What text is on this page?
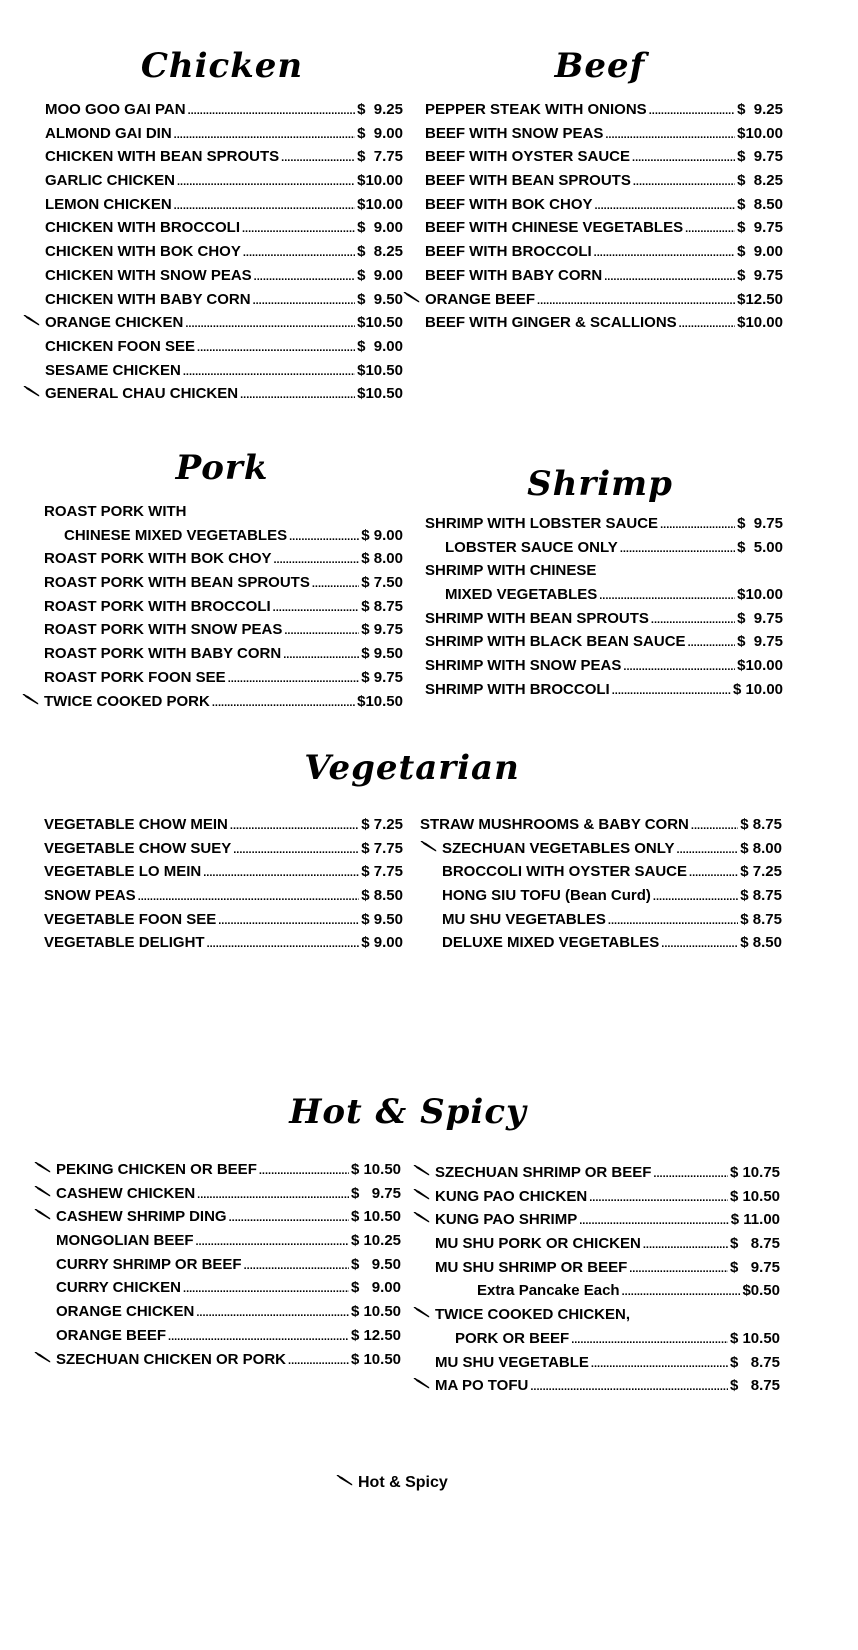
Chicken	Beef
Pork	Shrimp
Vegetarian
Hot & Spicy
MOO GOO GAI PAN .....	$  9.25
ALMOND GAI DIN .....	$  9.00
CHICKEN WITH BEAN SPROUTS .....	$  7.75
GARLIC CHICKEN .....	$10.00
LEMON CHICKEN .....	$10.00
CHICKEN WITH BROCCOLI .....	$  9.00
CHICKEN WITH BOK CHOY .....	$  8.25
CHICKEN WITH SNOW PEAS .....	$  9.00
CHICKEN WITH BABY CORN .....	$  9.50
ORANGE CHICKEN .....	$10.50
CHICKEN FOON SEE .....	$  9.00
SESAME CHICKEN .....	$10.50
GENERAL CHAU CHICKEN .....	$10.50
PEPPER STEAK WITH ONIONS .....	$  9.25
BEEF WITH SNOW PEAS .....	$10.00
BEEF WITH OYSTER SAUCE .....	$  9.75
BEEF WITH BEAN SPROUTS .....	$  8.25
BEEF WITH BOK CHOY .....	$  8.50
BEEF WITH CHINESE VEGETABLES .....	$  9.75
BEEF WITH BROCCOLI .....	$  9.00
BEEF WITH BABY CORN .....	$  9.75
ORANGE BEEF .....	$12.50
BEEF WITH GINGER & SCALLIONS .....	$10.00
ROAST PORK WITH
CHINESE MIXED VEGETABLES .....	$ 9.00
ROAST PORK WITH BOK CHOY .....	$ 8.00
ROAST PORK WITH BEAN SPROUTS .....	$ 7.50
ROAST PORK WITH BROCCOLI .....	$ 8.75
ROAST PORK WITH SNOW PEAS .....	$ 9.75
ROAST PORK WITH BABY CORN .....	$ 9.50
ROAST PORK FOON SEE .....	$ 9.75
TWICE COOKED PORK .....	$10.50
SHRIMP WITH LOBSTER SAUCE .....	$  9.75
LOBSTER SAUCE ONLY .....	$  5.00
SHRIMP WITH CHINESE
MIXED VEGETABLES .....	$10.00
SHRIMP WITH BEAN SPROUTS .....	$  9.75
SHRIMP WITH BLACK BEAN SAUCE .....	$  9.75
SHRIMP WITH SNOW PEAS .....	$10.00
SHRIMP WITH BROCCOLI .....	$ 10.00
VEGETABLE CHOW MEIN .....	$ 7.25
VEGETABLE CHOW SUEY .....	$ 7.75
VEGETABLE LO MEIN .....	$ 7.75
SNOW PEAS .....	$ 8.50
VEGETABLE FOON SEE .....	$ 9.50
VEGETABLE DELIGHT .....	$ 9.00
STRAW MUSHROOMS & BABY CORN .....	$ 8.75
SZECHUAN VEGETABLES ONLY .....	$ 8.00
BROCCOLI WITH OYSTER SAUCE .....	$ 7.25
HONG SIU TOFU (Bean Curd) .....	$ 8.75
MU SHU VEGETABLES .....	$ 8.75
DELUXE MIXED VEGETABLES .....	$ 8.50
PEKING CHICKEN OR BEEF .....	$ 10.50
CASHEW CHICKEN .....	$   9.75
CASHEW SHRIMP DING .....	$ 10.50
MONGOLIAN BEEF .....	$ 10.25
CURRY SHRIMP OR BEEF .....	$   9.50
CURRY CHICKEN .....	$   9.00
ORANGE CHICKEN .....	$ 10.50
ORANGE BEEF .....	$ 12.50
SZECHUAN CHICKEN OR PORK .....	$ 10.50
SZECHUAN SHRIMP OR BEEF .....	$ 10.75
KUNG PAO CHICKEN .....	$ 10.50
KUNG PAO SHRIMP .....	$ 11.00
MU SHU PORK OR CHICKEN .....	$   8.75
MU SHU SHRIMP OR BEEF .....	$   9.75
Extra Pancake Each .....	$0.50
TWICE COOKED CHICKEN,
PORK OR BEEF .....	$ 10.50
MU SHU VEGETABLE .....	$   8.75
MA PO TOFU .....	$   8.75
Hot & Spicy
